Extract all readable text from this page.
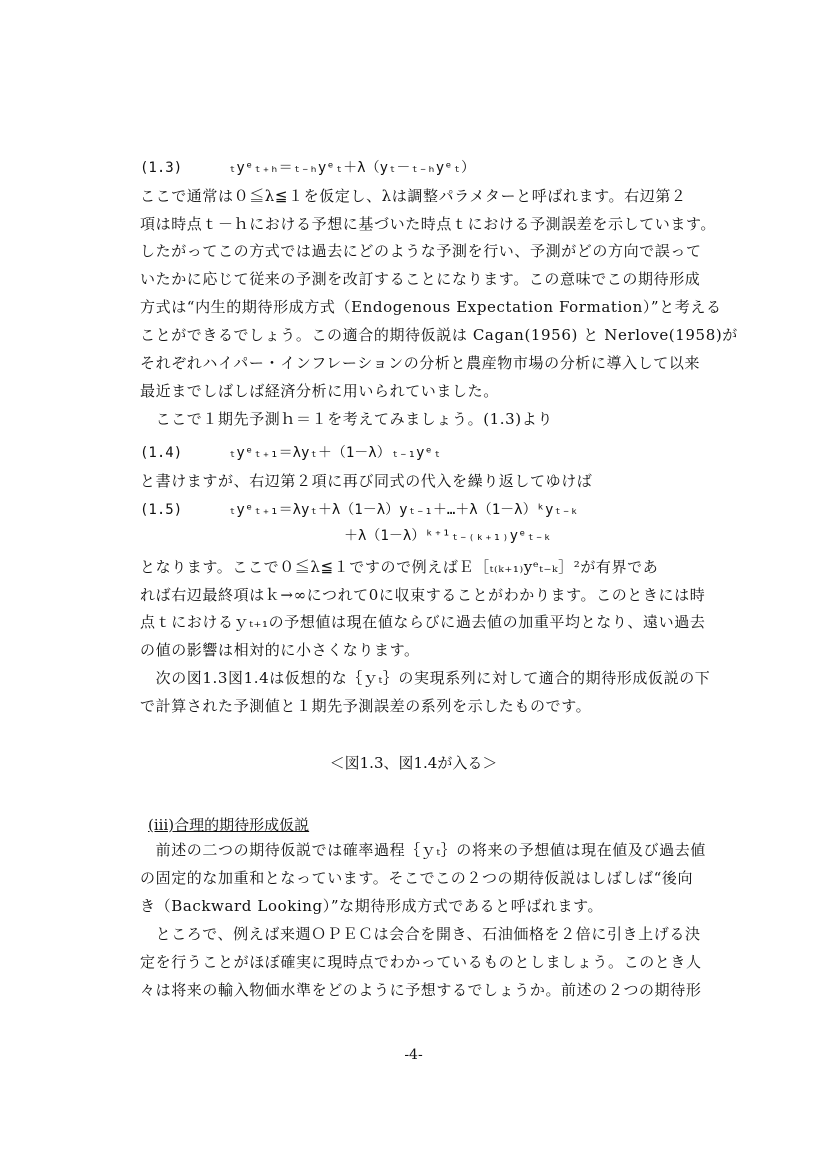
(1.3)	ₜyᵉₜ₊ₕ＝ₜ₋ₕyᵉₜ＋λ（yₜ－ₜ₋ₕyᵉₜ）
ここで通常は０≦λ≦１を仮定し、λは調整パラメターと呼ばれます。右辺第２
項は時点ｔ－ｈにおける予想に基づいた時点ｔにおける予測誤差を示しています。
したがってこの方式では過去にどのような予測を行い、予測がどの方向で誤って
いたかに応じて従来の予測を改訂することになります。この意味でこの期待形成
方式は“内生的期待形成方式（Endogenous Expectation Formation）”と考える
ことができるでしょう。この適合的期待仮説は Cagan(1956) と Nerlove(1958)が
それぞれハイパー・インフレーションの分析と農産物市場の分析に導入して以来
最近までしばしば経済分析に用いられていました。
　ここで１期先予測ｈ＝１を考えてみましょう。(1.3)より
(1.4)	ₜyᵉₜ₊₁＝λyₜ＋（1－λ）ₜ₋₁yᵉₜ
と書けますが、右辺第２項に再び同式の代入を繰り返してゆけば
(1.5)	ₜyᵉₜ₊₁＝λyₜ＋λ（1－λ）yₜ₋₁＋…＋λ（1－λ）ᵏyₜ₋ₖ
＋λ（1－λ）ᵏ⁺¹ₜ₋₍ₖ₊₁₎yᵉₜ₋ₖ
となります。ここで０≦λ≦１ですので例えばＥ［ₜ₍ₖ₊₁₎yᵉₜ₋ₖ］²が有界であ
れば右辺最終項はｋ→∞につれて0に収束することがわかります。このときには時
点ｔにおけるｙₜ₊₁の予想値は現在値ならびに過去値の加重平均となり、遠い過去
の値の影響は相対的に小さくなります。
　次の図1.3図1.4は仮想的な｛ｙₜ｝の実現系列に対して適合的期待形成仮説の下
で計算された予測値と１期先予測誤差の系列を示したものです。
＜図1.3、図1.4が入る＞
(iii)合理的期待形成仮説
　前述の二つの期待仮説では確率過程｛ｙₜ｝の将来の予想値は現在値及び過去値
の固定的な加重和となっています。そこでこの２つの期待仮説はしばしば“後向
き（Backward Looking）”な期待形成方式であると呼ばれます。
　ところで、例えば来週ＯＰＥＣは会合を開き、石油価格を２倍に引き上げる決
定を行うことがほぼ確実に現時点でわかっているものとしましょう。このとき人
々は将来の輸入物価水準をどのように予想するでしょうか。前述の２つの期待形
-4-
